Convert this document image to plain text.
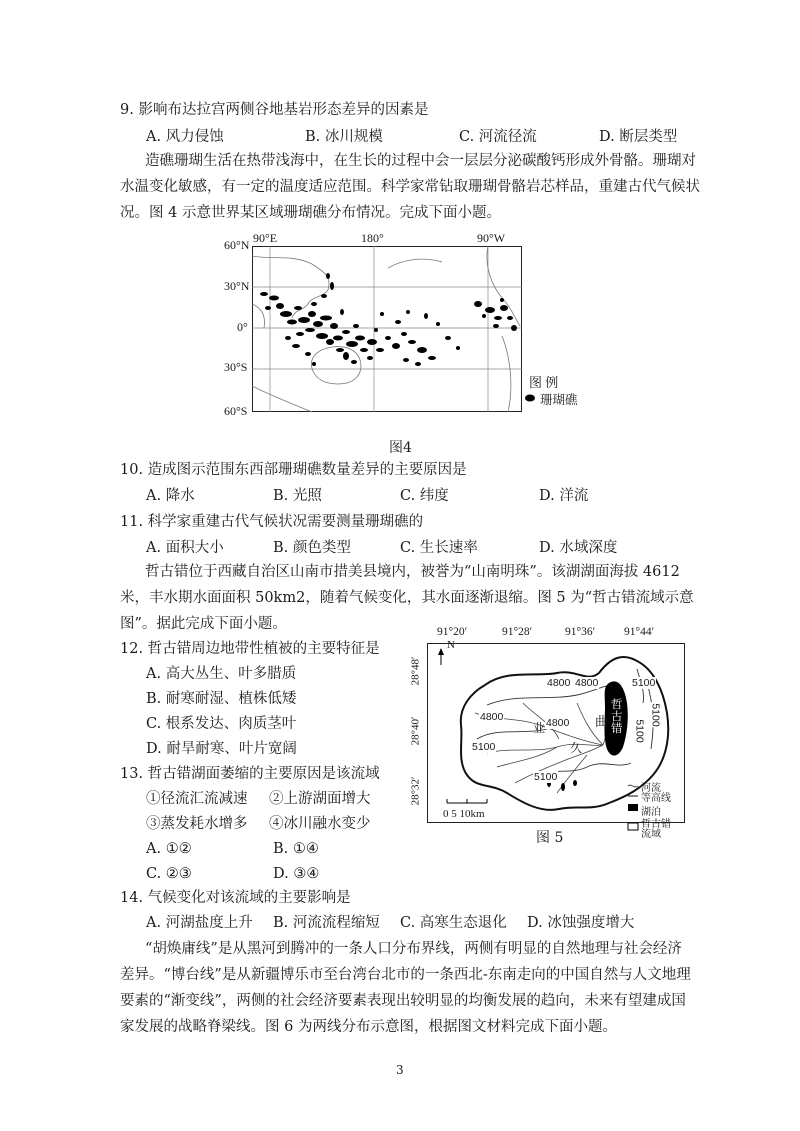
9. 影响布达拉宫两侧谷地基岩形态差异的因素是
A. 风力侵蚀	B. 冰川规模	C. 河流径流	D. 断层类型
造礁珊瑚生活在热带浅海中，在生长的过程中会一层层分泌碳酸钙形成外骨骼。珊瑚对
水温变化敏感，有一定的温度适应范围。科学家常钻取珊瑚骨骼岩芯样品，重建古代气候状
况。图 4 示意世界某区域珊瑚礁分布情况。完成下面小题。
90°E	180°	90°W
60°N
30°N
0°
30°S
60°S
图 例
珊瑚礁
图4
10. 造成图示范围东西部珊瑚礁数量差异的主要原因是
A. 降水	B. 光照	C. 纬度	D. 洋流
11. 科学家重建古代气候状况需要测量珊瑚礁的
A. 面积大小	B. 颜色类型	C. 生长速率	D. 水域深度
哲古错位于西藏自治区山南市措美县境内，被誉为“山南明珠”。该湖湖面海拔 4612
米，丰水期水面面积 50km2，随着气候变化，其水面逐渐退缩。图 5 为“哲古错流域示意
图”。据此完成下面小题。
12. 哲古错周边地带性植被的主要特征是
A. 高大丛生、叶多腊质
B. 耐寒耐湿、植株低矮
C. 根系发达、肉质茎叶
D. 耐旱耐寒、叶片宽阔
13. 哲古错湖面萎缩的主要原因是该流域
①径流汇流减速 ②上游湖面增大
③蒸发耗水增多 ④冰川融水变少
A. ①②	B. ①④
C. ②③	D. ③④
91°20′	91°28′	91°36′	91°44′
28°48′
28°40′
28°32′
N
4800 4800
4800	4800
5100
5100
5100
5100
5100
哲古错
曲
业
久
0 5 10km
河流
等高线
湖泊
哲古错
流域
图 5
14. 气候变化对该流域的主要影响是
A. 河湖盐度上升 B. 河流流程缩短 C. 高寒生态退化 D. 冰蚀强度增大
“胡焕庸线”是从黑河到腾冲的一条人口分布界线，两侧有明显的自然地理与社会经济
差异。“博台线”是从新疆博乐市至台湾台北市的一条西北-东南走向的中国自然与人文地理
要素的“渐变线”，两侧的社会经济要素表现出较明显的均衡发展的趋向，未来有望建成国
家发展的战略脊梁线。图 6 为两线分布示意图，根据图文材料完成下面小题。
3
